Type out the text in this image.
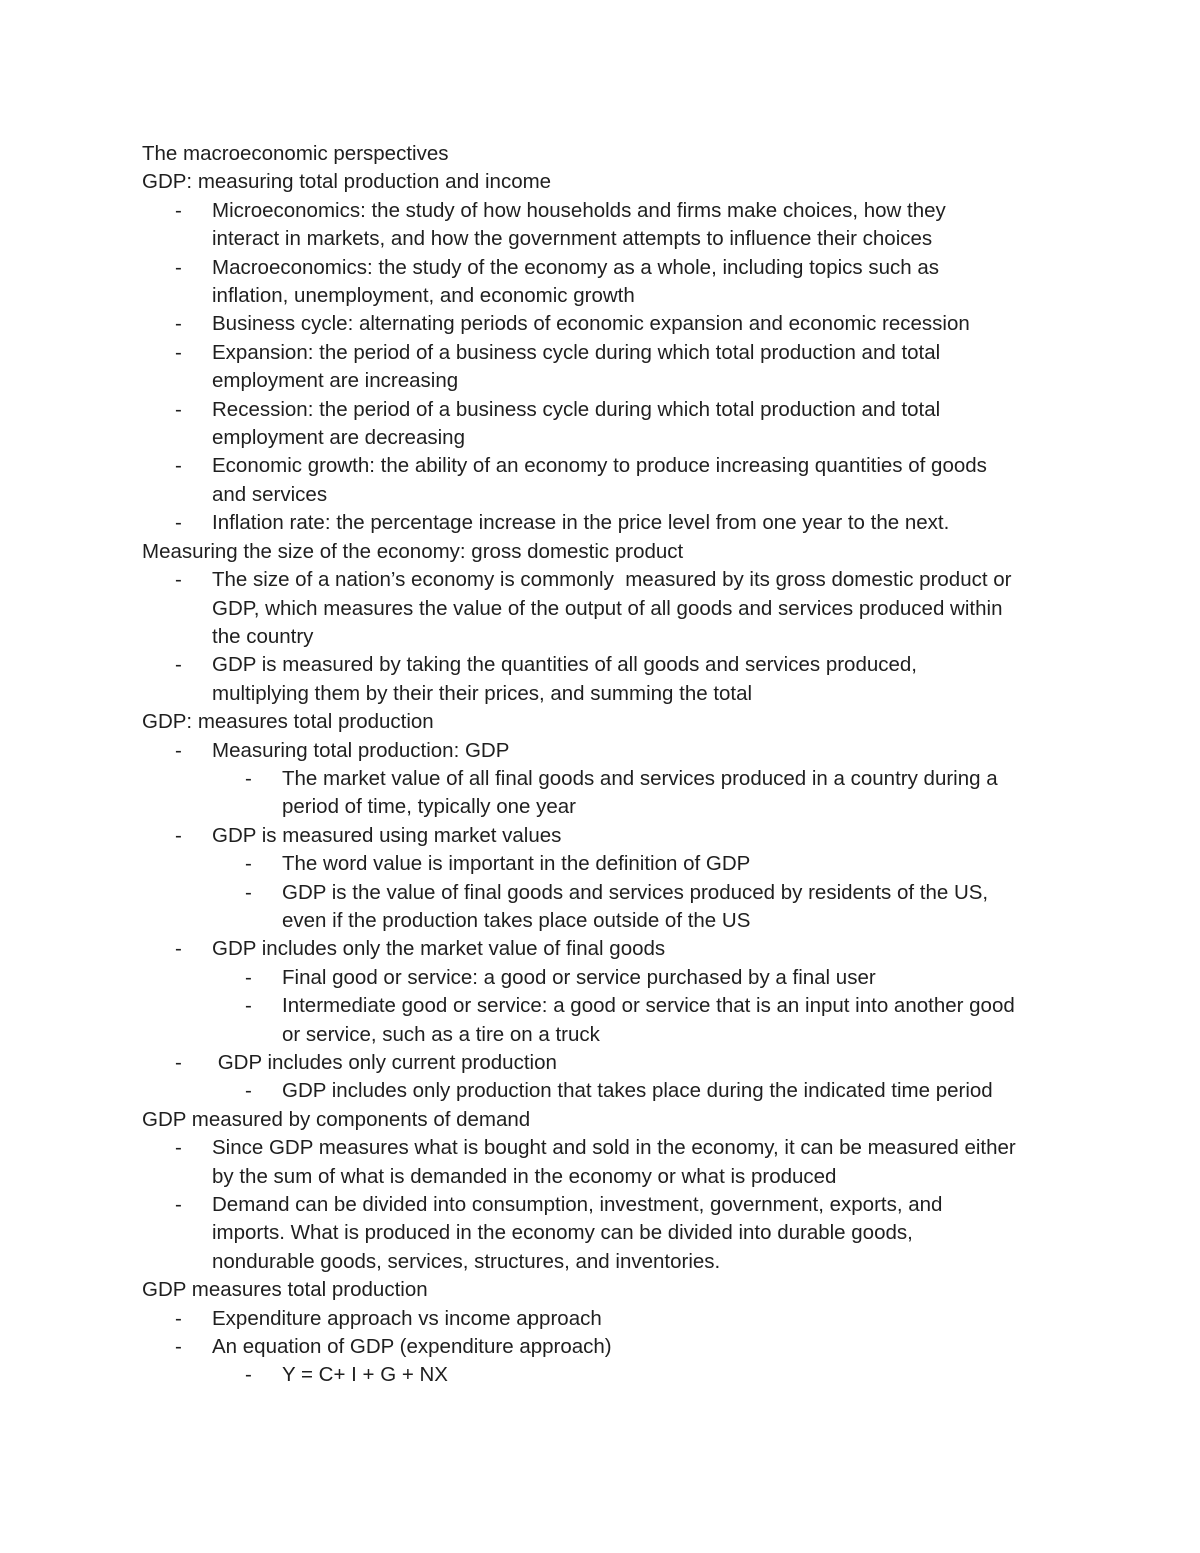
The macroeconomic perspectives
GDP: measuring total production and income
- Microeconomics: the study of how households and firms make choices, how they
interact in markets, and how the government attempts to influence their choices
- Macroeconomics: the study of the economy as a whole, including topics such as
inflation, unemployment, and economic growth
- Business cycle: alternating periods of economic expansion and economic recession
- Expansion: the period of a business cycle during which total production and total
employment are increasing
- Recession: the period of a business cycle during which total production and total
employment are decreasing
- Economic growth: the ability of an economy to produce increasing quantities of goods
and services
- Inflation rate: the percentage increase in the price level from one year to the next.
Measuring the size of the economy: gross domestic product
- The size of a nation’s economy is commonly  measured by its gross domestic product or
GDP, which measures the value of the output of all goods and services produced within
the country
- GDP is measured by taking the quantities of all goods and services produced,
multiplying them by their their prices, and summing the total
GDP: measures total production
- Measuring total production: GDP
- The market value of all final goods and services produced in a country during a
period of time, typically one year
- GDP is measured using market values
- The word value is important in the definition of GDP
- GDP is the value of final goods and services produced by residents of the US,
even if the production takes place outside of the US
- GDP includes only the market value of final goods
- Final good or service: a good or service purchased by a final user
- Intermediate good or service: a good or service that is an input into another good
or service, such as a tire on a truck
- GDP includes only current production
- GDP includes only production that takes place during the indicated time period
GDP measured by components of demand
- Since GDP measures what is bought and sold in the economy, it can be measured either
by the sum of what is demanded in the economy or what is produced
- Demand can be divided into consumption, investment, government, exports, and
imports. What is produced in the economy can be divided into durable goods,
nondurable goods, services, structures, and inventories.
GDP measures total production
- Expenditure approach vs income approach
- An equation of GDP (expenditure approach)
- Y = C+ I + G + NX
